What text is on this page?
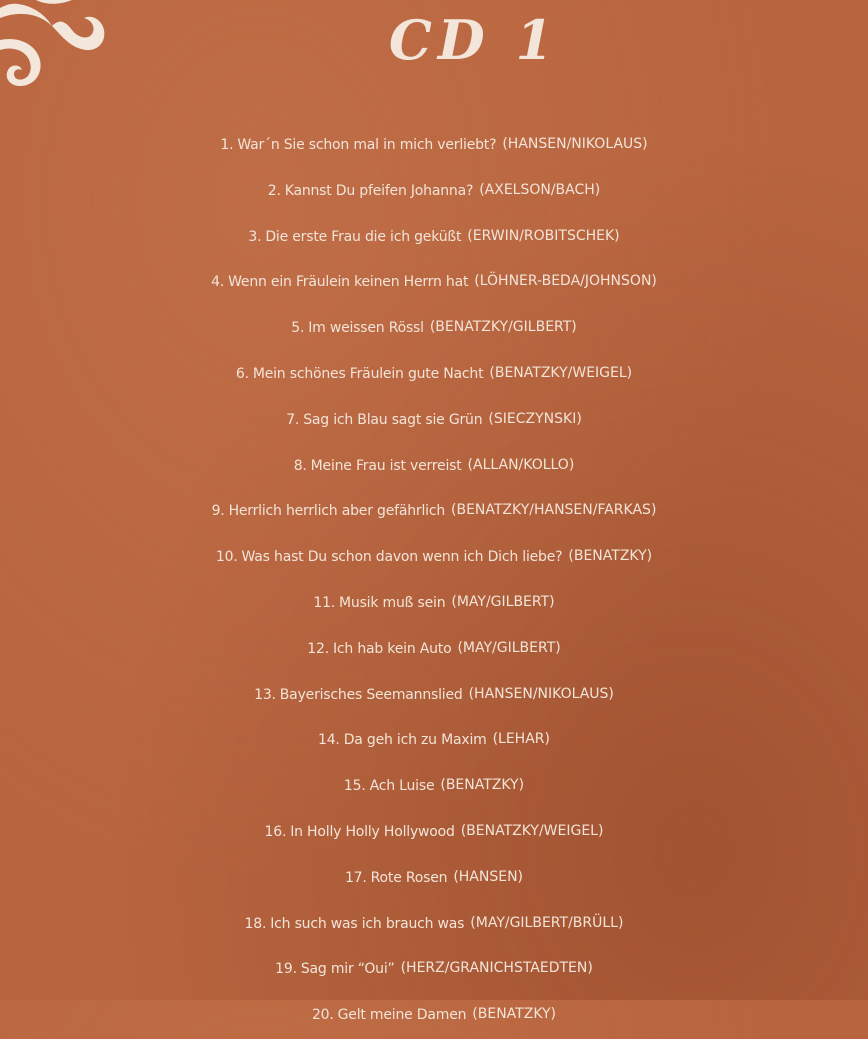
CD 1
1. War´n Sie schon mal in mich verliebt? (HANSEN/NIKOLAUS)
2. Kannst Du pfeifen Johanna? (AXELSON/BACH)
3. Die erste Frau die ich geküßt (ERWIN/ROBITSCHEK)
4. Wenn ein Fräulein keinen Herrn hat (LÖHNER-BEDA/JOHNSON)
5. Im weissen Rössl (BENATZKY/GILBERT)
6. Mein schönes Fräulein gute Nacht (BENATZKY/WEIGEL)
7. Sag ich Blau sagt sie Grün (SIECZYNSKI)
8. Meine Frau ist verreist (ALLAN/KOLLO)
9. Herrlich herrlich aber gefährlich (BENATZKY/HANSEN/FARKAS)
10. Was hast Du schon davon wenn ich Dich liebe? (BENATZKY)
11. Musik muß sein (MAY/GILBERT)
12. Ich hab kein Auto (MAY/GILBERT)
13. Bayerisches Seemannslied (HANSEN/NIKOLAUS)
14. Da geh ich zu Maxim (LEHAR)
15. Ach Luise (BENATZKY)
16. In Holly Holly Hollywood (BENATZKY/WEIGEL)
17. Rote Rosen (HANSEN)
18. Ich such was ich brauch was (MAY/GILBERT/BRÜLL)
19. Sag mir “Oui” (HERZ/GRANICHSTAEDTEN)
20. Gelt meine Damen (BENATZKY)
